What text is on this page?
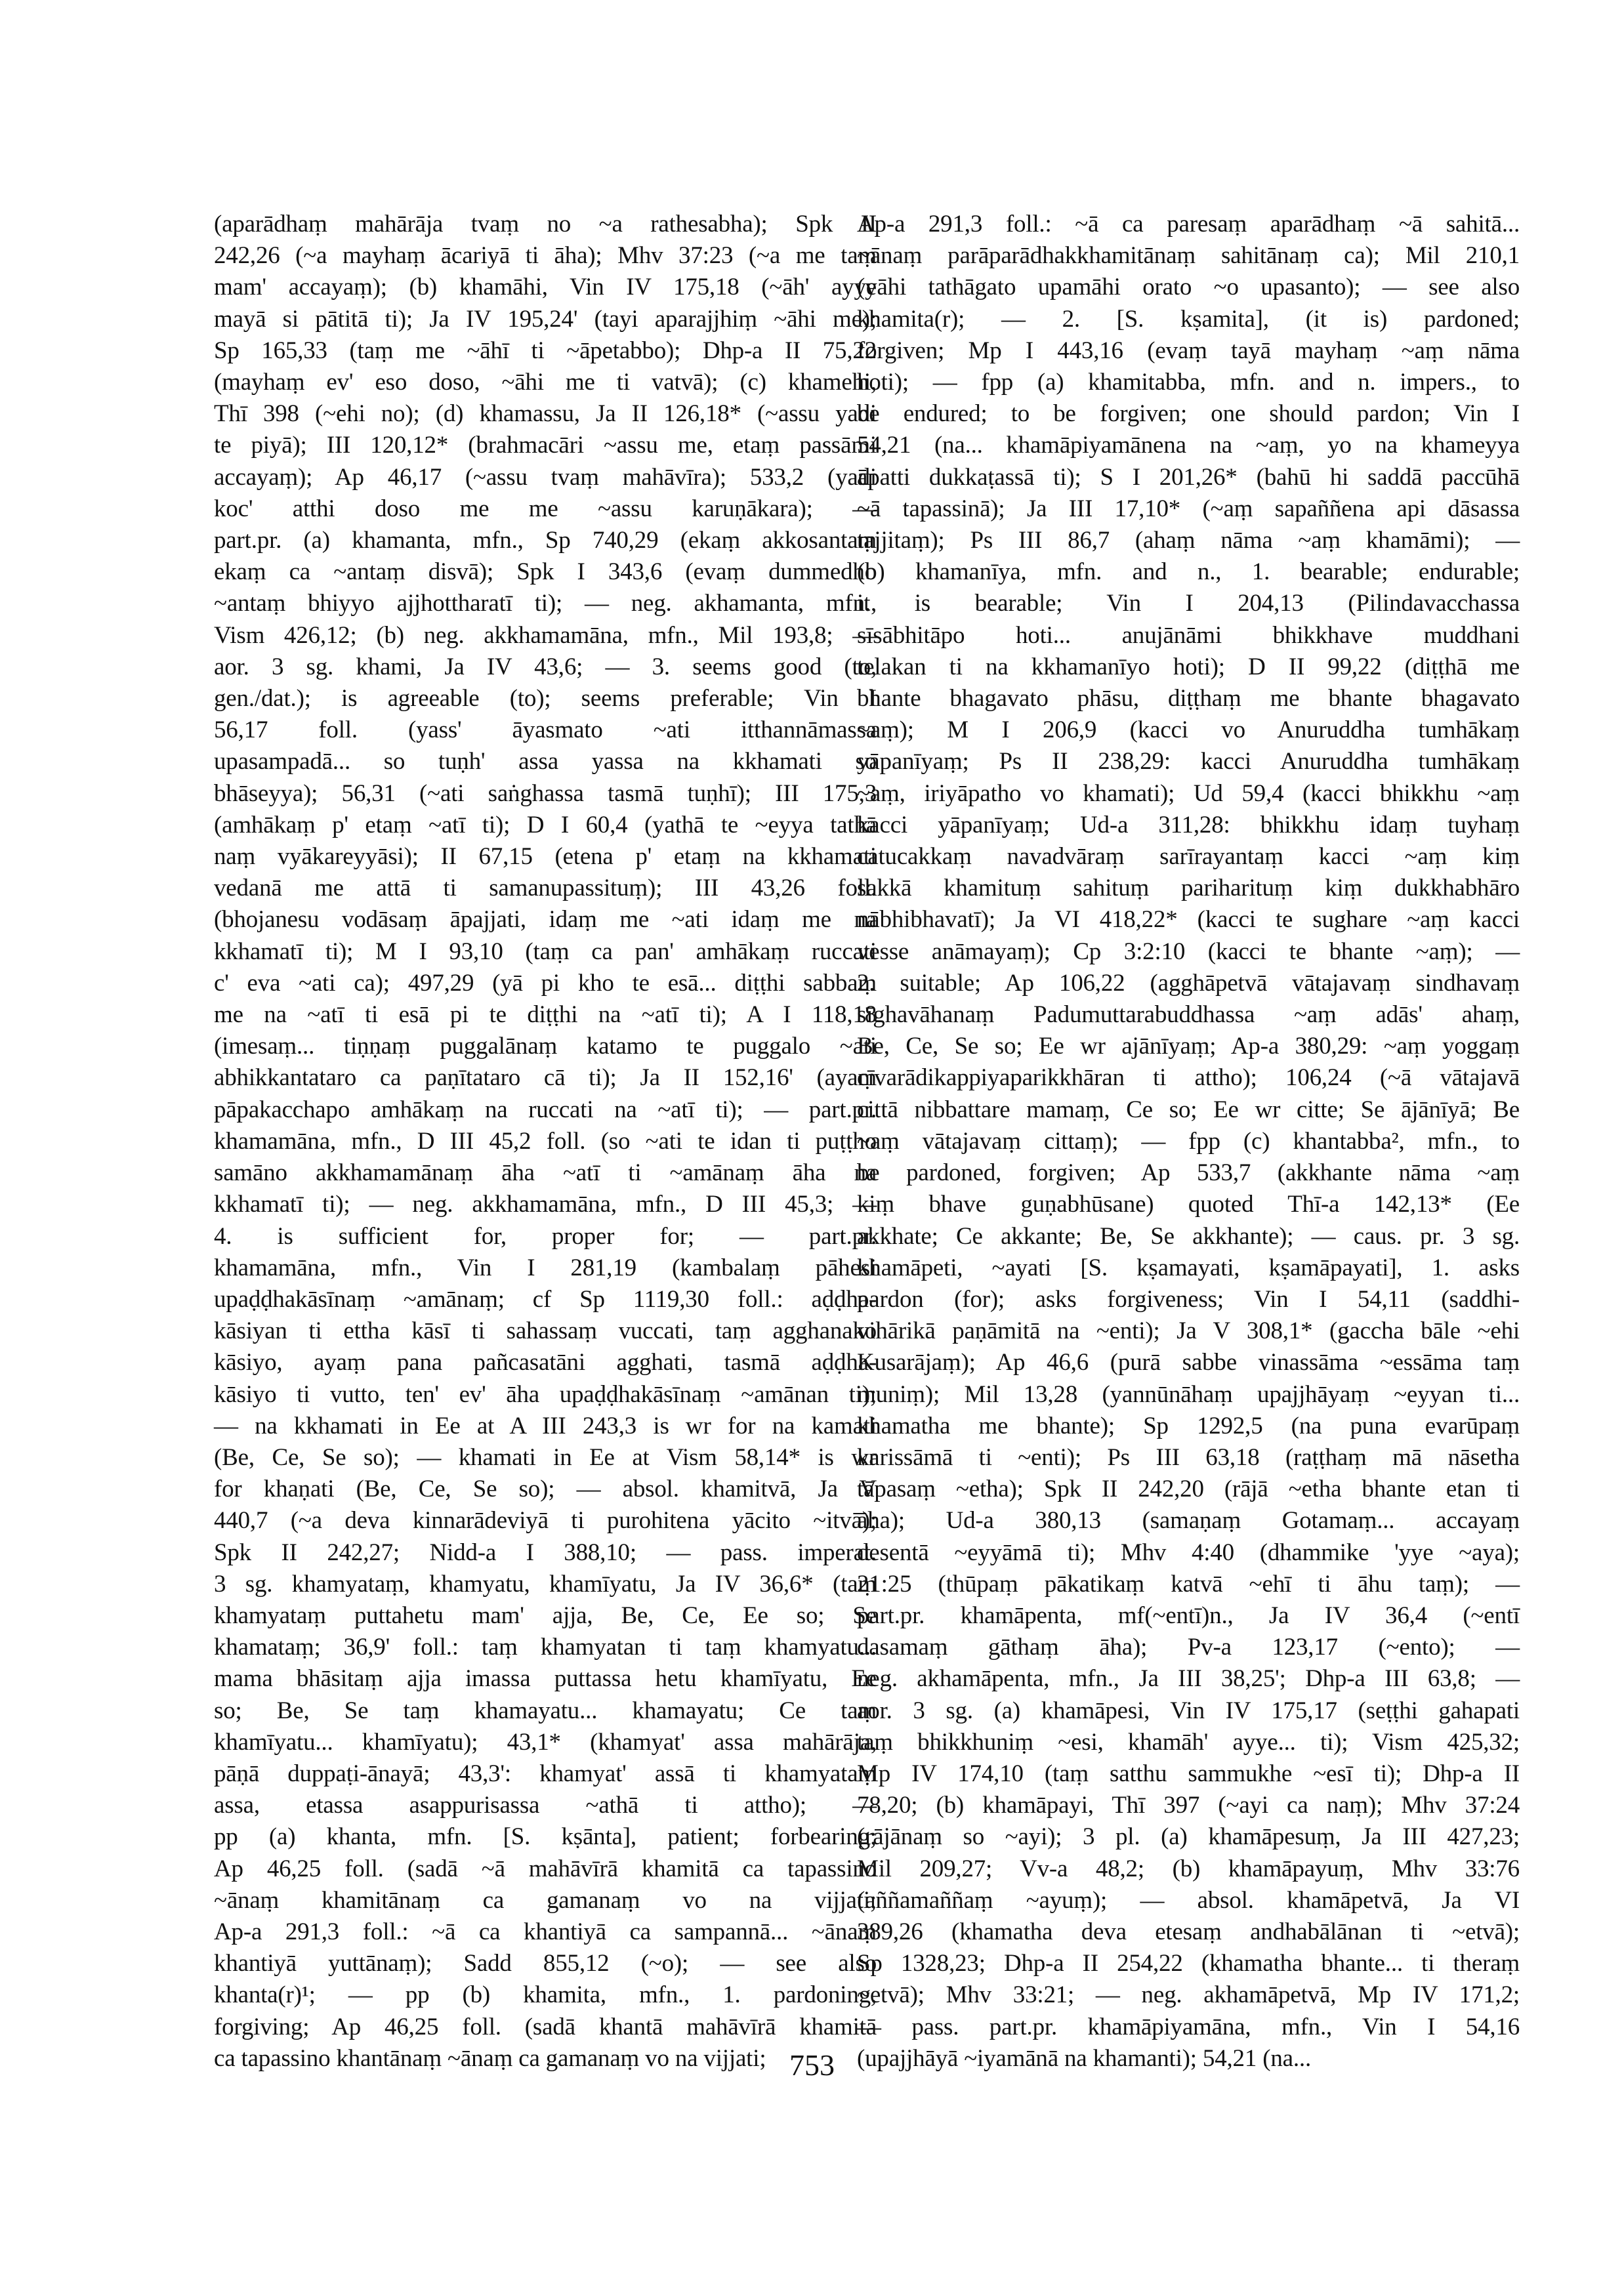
(aparādhaṃ mahārāja tvaṃ no ~a rathesabha); Spk II
242,26 (~a mayhaṃ ācariyā ti āha); Mhv 37:23 (~a me taṃ
mam' accayaṃ); (b) khamāhi, Vin IV 175,18 (~āh' ayye
mayā si pātitā ti); Ja IV 195,24' (tayi aparajjhiṃ ~āhi me);
Sp 165,33 (taṃ me ~āhī ti ~āpetabbo); Dhp-a II 75,22
(mayhaṃ ev' eso doso, ~āhi me ti vatvā); (c) khamehi,
Thī 398 (~ehi no); (d) khamassu, Ja II 126,18* (~assu yadi
te piyā); III 120,12* (brahmacāri ~assu me, etaṃ passāmi
accayaṃ); Ap 46,17 (~assu tvaṃ mahāvīra); 533,2 (yadi
koc' atthi doso me me ~assu karuṇākara); —
part.pr. (a) khamanta, mfn., Sp 740,29 (ekaṃ akkosantaṃ
ekaṃ ca ~antaṃ disvā); Spk I 343,6 (evaṃ dummedho
~antaṃ bhiyyo ajjhottharatī ti); — neg. akhamanta, mfn.,
Vism 426,12; (b) neg. akkhamamāna, mfn., Mil 193,8; —
aor. 3 sg. khami, Ja IV 43,6; — 3. seems good (to,
gen./dat.); is agreeable (to); seems preferable; Vin I
56,17 foll. (yass' āyasmato ~ati itthannāmassa
upasampadā... so tuṇh' assa yassa na kkhamati so
bhāseyya); 56,31 (~ati saṅghassa tasmā tuṇhī); III 175,3
(amhākaṃ p' etaṃ ~atī ti); D I 60,4 (yathā te ~eyya tathā
naṃ vyākareyyāsi); II 67,15 (etena p' etaṃ na kkhamati
vedanā me attā ti samanupassituṃ); III 43,26 foll.
(bhojanesu vodāsaṃ āpajjati, idaṃ me ~ati idaṃ me na
kkhamatī ti); M I 93,10 (taṃ ca pan' amhākaṃ ruccati
c' eva ~ati ca); 497,29 (yā pi kho te esā... diṭṭhi sabbaṃ
me na ~atī ti esā pi te diṭṭhi na ~atī ti); A I 118,18
(imesaṃ... tiṇṇaṃ puggalānaṃ katamo te puggalo ~ati
abhikkantataro ca paṇītataro cā ti); Ja II 152,16' (ayaṃ
pāpakacchapo amhākaṃ na ruccati na ~atī ti); — part.pr.
khamamāna, mfn., D III 45,2 foll. (so ~ati te idan ti puṭṭho
samāno akkhamamānaṃ āha ~atī ti ~amānaṃ āha na
kkhamatī ti); — neg. akkhamamāna, mfn., D III 45,3; —
4. is sufficient for, proper for; — part.pr.
khamamāna, mfn., Vin I 281,19 (kambalaṃ pāhesi
upaḍḍhakāsīnaṃ ~amānaṃ; cf Sp 1119,30 foll.: aḍḍha-
kāsiyan ti ettha kāsī ti sahassaṃ vuccati, taṃ agghanako
kāsiyo, ayaṃ pana pañcasatāni agghati, tasmā aḍḍha-
kāsiyo ti vutto, ten' ev' āha upaḍḍhakāsīnaṃ ~amānan ti);
— na kkhamati in Ee at A III 243,3 is wr for na kamati
(Be, Ce, Se so); — khamati in Ee at Vism 58,14* is wr
for khaṇati (Be, Ce, Se so); — absol. khamitvā, Ja V
440,7 (~a deva kinnarādeviyā ti purohitena yācito ~itvā);
Spk II 242,27; Nidd-a I 388,10; — pass. imperat.
3 sg. khamyataṃ, khamyatu, khamīyatu, Ja IV 36,6* (taṃ
khamyataṃ puttahetu mam' ajja, Be, Ce, Ee so; Se
khamataṃ; 36,9' foll.: taṃ khamyatan ti taṃ khamyatu...
mama bhāsitaṃ ajja imassa puttassa hetu khamīyatu, Ee
so; Be, Se taṃ khamayatu... khamayatu; Ce taṃ
khamīyatu... khamīyatu); 43,1* (khamyat' assa mahārāja,
pāṇā duppaṭi-ānayā; 43,3': khamyat' assā ti khamyataṃ
assa, etassa asappurisassa ~athā ti attho); —
pp (a) khanta, mfn. [S. kṣānta], patient; forbearing;
Ap 46,25 foll. (sadā ~ā mahāvīrā khamitā ca tapassino
~ānaṃ khamitānaṃ ca gamanaṃ vo na vijjati;
Ap-a 291,3 foll.: ~ā ca khantiyā ca sampannā... ~ānaṃ
khantiyā yuttānaṃ); Sadd 855,12 (~o); — see also
khanta(r)¹; — pp (b) khamita, mfn., 1. pardoning,
forgiving; Ap 46,25 foll. (sadā khantā mahāvīrā khamitā
ca tapassino khantānaṃ ~ānaṃ ca gamanaṃ vo na vijjati;
Ap-a 291,3 foll.: ~ā ca paresaṃ aparādhaṃ ~ā sahitā...
~ānaṃ parāparādhakkhamitānaṃ sahitānaṃ ca); Mil 210,1
(yāhi tathāgato upamāhi orato ~o upasanto); — see also
khamita(r); — 2. [S. kṣamita], (it is) pardoned;
forgiven; Mp I 443,16 (evaṃ tayā mayhaṃ ~aṃ nāma
hoti); — fpp (a) khamitabba, mfn. and n. impers., to
be endured; to be forgiven; one should pardon; Vin I
54,21 (na... khamāpiyamānena na ~aṃ, yo na khameyya
āpatti dukkaṭassā ti); S I 201,26* (bahū hi saddā paccūhā
~ā tapassinā); Ja III 17,10* (~aṃ sapaññena api dāsassa
tajjitaṃ); Ps III 86,7 (ahaṃ nāma ~aṃ khamāmi); —
(b) khamanīya, mfn. and n., 1. bearable; endurable;
it is bearable; Vin I 204,13 (Pilindavacchassa
sīsābhitāpo hoti... anujānāmi bhikkhave muddhani
telakan ti na kkhamanīyo hoti); D II 99,22 (diṭṭhā me
bhante bhagavato phāsu, diṭṭhaṃ me bhante bhagavato
~aṃ); M I 206,9 (kacci vo Anuruddha tumhākaṃ
yāpanīyaṃ; Ps II 238,29: kacci Anuruddha tumhākaṃ
~aṃ, iriyāpatho vo khamati); Ud 59,4 (kacci bhikkhu ~aṃ
kacci yāpanīyaṃ; Ud-a 311,28: bhikkhu idaṃ tuyhaṃ
catucakkaṃ navadvāraṃ sarīrayantaṃ kacci ~aṃ kiṃ
sakkā khamituṃ sahituṃ pariharituṃ kiṃ dukkhabhāro
nābhibhavatī); Ja VI 418,22* (kacci te sughare ~aṃ kacci
vesse anāmayaṃ); Cp 3:2:10 (kacci te bhante ~aṃ); —
2. suitable; Ap 106,22 (agghāpetvā vātajavaṃ sindhavaṃ
sīghavāhanaṃ Padumuttarabuddhassa ~aṃ adās' ahaṃ,
Be, Ce, Se so; Ee wr ajānīyaṃ; Ap-a 380,29: ~aṃ yoggaṃ
cīvarādikappiyaparikkhāran ti attho); 106,24 (~ā vātajavā
cittā nibbattare mamaṃ, Ce so; Ee wr citte; Se ājānīyā; Be
~aṃ vātajavaṃ cittaṃ); — fpp (c) khantabba², mfn., to
be pardoned, forgiven; Ap 533,7 (akkhante nāma ~aṃ
kiṃ bhave guṇabhūsane) quoted Thī-a 142,13* (Ee
akkhate; Ce akkante; Be, Se akkhante); — caus. pr. 3 sg.
khamāpeti, ~ayati [S. kṣamayati, kṣamāpayati], 1. asks
pardon (for); asks forgiveness; Vin I 54,11 (saddhi-
vihārikā paṇāmitā na ~enti); Ja V 308,1* (gaccha bāle ~ehi
Kusarājaṃ); Ap 46,6 (purā sabbe vinassāma ~essāma taṃ
muniṃ); Mil 13,28 (yannūnāhaṃ upajjhāyaṃ ~eyyan ti...
khamatha me bhante); Sp 1292,5 (na puna evarūpaṃ
karissāmā ti ~enti); Ps III 63,18 (raṭṭhaṃ mā nāsetha
tāpasaṃ ~etha); Spk II 242,20 (rājā ~etha bhante etan ti
āha); Ud-a 380,13 (samaṇaṃ Gotamaṃ... accayaṃ
desentā ~eyyāmā ti); Mhv 4:40 (dhammike 'yye ~aya);
21:25 (thūpaṃ pākatikaṃ katvā ~ehī ti āhu taṃ); —
part.pr. khamāpenta, mf(~entī)n., Ja IV 36,4 (~entī
dasamaṃ gāthaṃ āha); Pv-a 123,17 (~ento); —
neg. akhamāpenta, mfn., Ja III 38,25'; Dhp-a III 63,8; —
aor. 3 sg. (a) khamāpesi, Vin IV 175,17 (seṭṭhi gahapati
taṃ bhikkhuniṃ ~esi, khamāh' ayye... ti); Vism 425,32;
Mp IV 174,10 (taṃ satthu sammukhe ~esī ti); Dhp-a II
78,20; (b) khamāpayi, Thī 397 (~ayi ca naṃ); Mhv 37:24
(rājānaṃ so ~ayi); 3 pl. (a) khamāpesuṃ, Ja III 427,23;
Mil 209,27; Vv-a 48,2; (b) khamāpayuṃ, Mhv 33:76
(aññamaññaṃ ~ayuṃ); — absol. khamāpetvā, Ja VI
389,26 (khamatha deva etesaṃ andhabālānan ti ~etvā);
Sp 1328,23; Dhp-a II 254,22 (khamatha bhante... ti theraṃ
~etvā); Mhv 33:21; — neg. akhamāpetvā, Mp IV 171,2;
— pass. part.pr. khamāpiyamāna, mfn., Vin I 54,16
(upajjhāyā ~iyamānā na khamanti); 54,21 (na...
753
